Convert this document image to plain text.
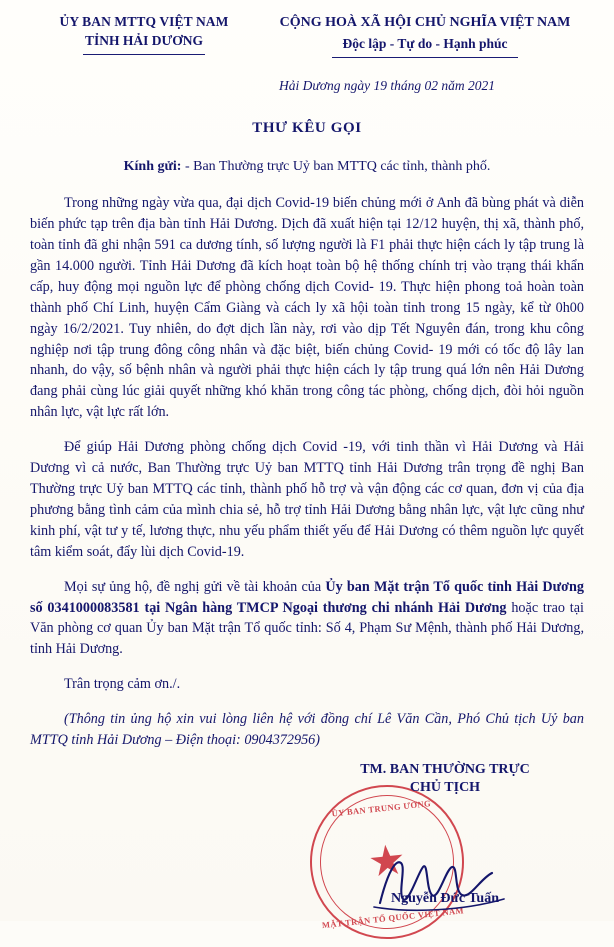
ỦY BAN MTTQ VIỆT NAM
TỈNH HẢI DƯƠNG
CỘNG HOÀ XÃ HỘI CHỦ NGHĨA VIỆT NAM
Độc lập - Tự do - Hạnh phúc
Hải Dương ngày 19 tháng 02 năm 2021
THƯ KÊU GỌI
Kính gửi: - Ban Thường trực Uỷ ban MTTQ các tỉnh, thành phố.

Trong những ngày vừa qua, đại dịch Covid-19 biến chủng mới ở Anh đã bùng phát và diễn biến phức tạp trên địa bàn tỉnh Hải Dương. Dịch đã xuất hiện tại 12/12 huyện, thị xã, thành phố, toàn tỉnh đã ghi nhận 591 ca dương tính, số lượng người là F1 phải thực hiện cách ly tập trung là gần 14.000 người. Tỉnh Hải Dương đã kích hoạt toàn bộ hệ thống chính trị vào trạng thái khẩn cấp, huy động mọi nguồn lực để phòng chống dịch Covid- 19. Thực hiện phong toả hoàn toàn thành phố Chí Linh, huyện Cẩm Giàng và cách ly xã hội toàn tỉnh trong 15 ngày, kể từ 0h00 ngày 16/2/2021. Tuy nhiên, do đợt dịch lần này, rơi vào dịp Tết Nguyên đán, trong khu công nghiệp nơi tập trung đông công nhân và đặc biệt, biến chủng Covid- 19 mới có tốc độ lây lan nhanh, do vậy, số bệnh nhân và người phải thực hiện cách ly tập trung quá lớn nên Hải Dương đang phải cùng lúc giải quyết những khó khăn trong công tác phòng, chống dịch, đòi hỏi nguồn nhân lực, vật lực rất lớn.

Để giúp Hải Dương phòng chống dịch Covid -19, với tinh thần vì Hải Dương và Hải Dương vì cả nước, Ban Thường trực Uỷ ban MTTQ tỉnh Hải Dương trân trọng đề nghị Ban Thường trực Uỷ ban MTTQ các tỉnh, thành phố hỗ trợ và vận động các cơ quan, đơn vị của địa phương bằng tình cảm của mình chia sẻ, hỗ trợ tỉnh Hải Dương bằng nhân lực, vật lực cũng như kinh phí, vật tư y tế, lương thực, nhu yếu phẩm thiết yếu để Hải Dương có thêm nguồn lực quyết tâm kiểm soát, đẩy lùi dịch Covid-19.

Mọi sự ủng hộ, đề nghị gửi về tài khoản của Ủy ban Mặt trận Tổ quốc tỉnh Hải Dương số 0341000083581 tại Ngân hàng TMCP Ngoại thương chi nhánh Hải Dương hoặc trao tại Văn phòng cơ quan Ủy ban Mặt trận Tổ quốc tỉnh: Số 4, Phạm Sư Mệnh, thành phố Hải Dương, tỉnh Hải Dương.

Trân trọng cảm ơn./.

(Thông tin ủng hộ xin vui lòng liên hệ với đồng chí Lê Văn Cần, Phó Chủ tịch Uỷ ban MTTQ tỉnh Hải Dương – Điện thoại: 0904372956)

ỦY BAN TRUNG ƯƠNG
★
MẶT TRẬN TỔ QUỐC VIỆT NAM
TM. BAN THƯỜNG TRỰC
CHỦ TỊCH
Nguyễn Đức Tuấn
